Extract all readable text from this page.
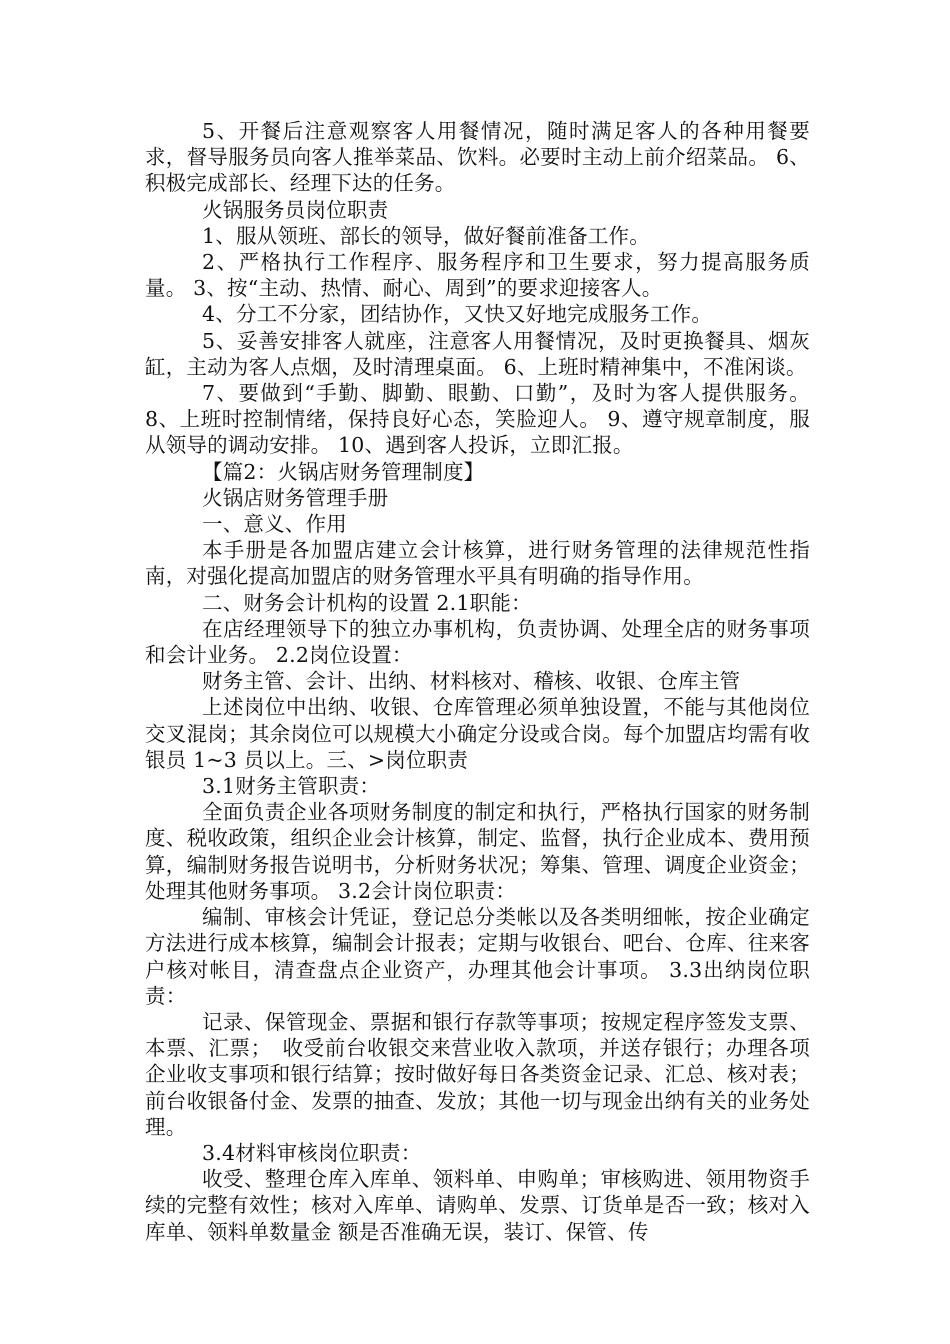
5、开餐后注意观察客人用餐情况，随时满足客人的各种用餐要求，督导服务员向客人推举菜品、饮料。必要时主动上前介绍菜品。 6、积极完成部长、经理下达的任务。

火锅服务员岗位职责

1、服从领班、部长的领导，做好餐前准备工作。

2、严格执行工作程序、服务程序和卫生要求，努力提高服务质量。 3、按“主动、热情、耐心、周到”的要求迎接客人。

4、分工不分家，团结协作，又快又好地完成服务工作。

5、妥善安排客人就座，注意客人用餐情况，及时更换餐具、烟灰缸，主动为客人点烟，及时清理桌面。 6、上班时精神集中，不准闲谈。

7、要做到“手勤、脚勤、眼勤、口勤”，及时为客人提供服务。 8、上班时控制情绪，保持良好心态，笑脸迎人。 9、遵守规章制度，服从领导的调动安排。 10、遇到客人投诉，立即汇报。

【篇2：火锅店财务管理制度】

火锅店财务管理手册

一、意义、作用

本手册是各加盟店建立会计核算，进行财务管理的法律规范性指南，对强化提高加盟店的财务管理水平具有明确的指导作用。

二、财务会计机构的设置 2.1职能：

在店经理领导下的独立办事机构，负责协调、处理全店的财务事项和会计业务。 2.2岗位设置：

财务主管、会计、出纳、材料核对、稽核、收银、仓库主管

上述岗位中出纳、收银、仓库管理必须单独设置，不能与其他岗位交叉混岗；其余岗位可以规模大小确定分设或合岗。每个加盟店均需有收银员 1~3 员以上。三、>岗位职责

3.1财务主管职责：

全面负责企业各项财务制度的制定和执行，严格执行国家的财务制度、税收政策，组织企业会计核算，制定、监督，执行企业成本、费用预算，编制财务报告说明书，分析财务状况；筹集、管理、调度企业资金；处理其他财务事项。 3.2会计岗位职责：

编制、审核会计凭证，登记总分类帐以及各类明细帐，按企业确定方法进行成本核算，编制会计报表；定期与收银台、吧台、仓库、往来客户核对帐目，清查盘点企业资产，办理其他会计事项。 3.3出纳岗位职责：

记录、保管现金、票据和银行存款等事项；按规定程序签发支票、本票、汇票；　收受前台收银交来营业收入款项，并送存银行；办理各项企业收支事项和银行结算；按时做好每日各类资金记录、汇总、核对表；前台收银备付金、发票的抽查、发放；其他一切与现金出纳有关的业务处理。

3.4材料审核岗位职责：

收受、整理仓库入库单、领料单、申购单；审核购进、领用物资手续的完整有效性；核对入库单、请购单、发票、订货单是否一致；核对入库单、领料单数量金 额是否准确无误，装订、保管、传
